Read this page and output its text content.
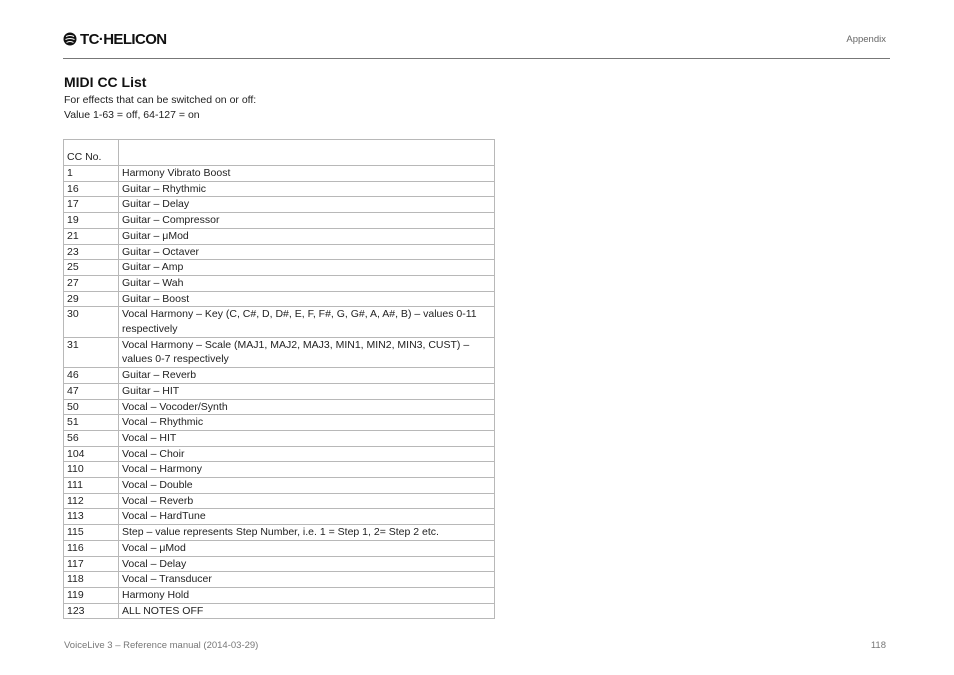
TC·HELICON	Appendix
MIDI CC List
For effects that can be switched on or off:
Value 1-63 = off, 64-127 = on
CC No.	
1	Harmony Vibrato Boost
16	Guitar – Rhythmic
17	Guitar – Delay
19	Guitar – Compressor
21	Guitar – μMod
23	Guitar – Octaver
25	Guitar – Amp
27	Guitar – Wah
29	Guitar – Boost
30	Vocal Harmony – Key (C, C#, D, D#, E, F, F#, G, G#, A, A#, B) – values 0-11 respectively
31	Vocal Harmony – Scale (MAJ1, MAJ2, MAJ3, MIN1, MIN2, MIN3, CUST) – values 0-7 respectively
46	Guitar – Reverb
47	Guitar – HIT
50	Vocal – Vocoder/Synth
51	Vocal – Rhythmic
56	Vocal – HIT
104	Vocal – Choir
110	Vocal – Harmony
111	Vocal – Double
112	Vocal – Reverb
113	Vocal – HardTune
115	Step – value represents Step Number, i.e. 1 = Step 1, 2= Step 2 etc.
116	Vocal – μMod
117	Vocal – Delay
118	Vocal – Transducer
119	Harmony Hold
123	ALL NOTES OFF
VoiceLive 3 – Reference manual (2014-03-29)	118
